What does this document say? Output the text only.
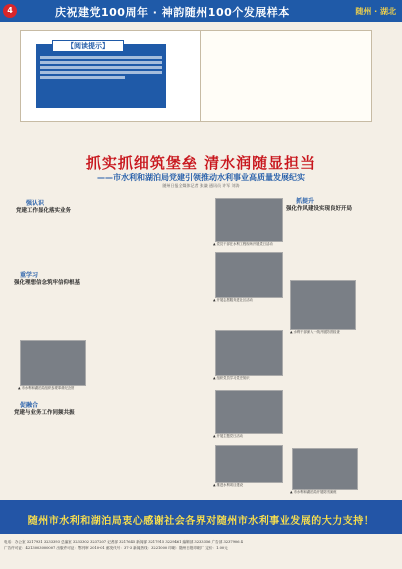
4	庆祝建党100周年 · 神韵随州100个发展样本	随州 · 湖北
【阅读提示】
抓实抓细筑堡垒 清水润随显担当
——市水利和湖泊局党建引领推动水利事业高质量发展纪实
随州日报全媒体记者 张谦 通讯员 许军 刘涛
强认识
党建工作显化落实业务
重学习
强化理想信念筑牢信仰根基
促融合
党建与业务工作同频共振
抓提升
强化作风建设实现良好开局
▲ 市水利和湖泊局组织参观革命纪念馆
▲ 党员干部在水利工程现场开展党日活动
▲ 开展志愿服务进社区活动
▲ 水利干部深入一线开展防汛检查
▲ 组织党员学习党史知识
▲ 开展主题党日活动
▲ 推进水利项目建设
▲ 市水利和湖泊局开展防汛演练
随州市水利和湖泊局衷心感谢社会各界对随州市水利事业发展的大力支持！
电话：办公室 3217931 3233393 总编室 3233302 3237207 记者部 3217645 新闻部 3217915 3229461 编辑部 3233356 广告部 3237906 4
广告许可证：4213003000007 出版许可证：鄂刊审 2010-01 邮发代号：37-3 新闻热线：3221000 印刷：随州日报印刷厂 定价：1.00元
